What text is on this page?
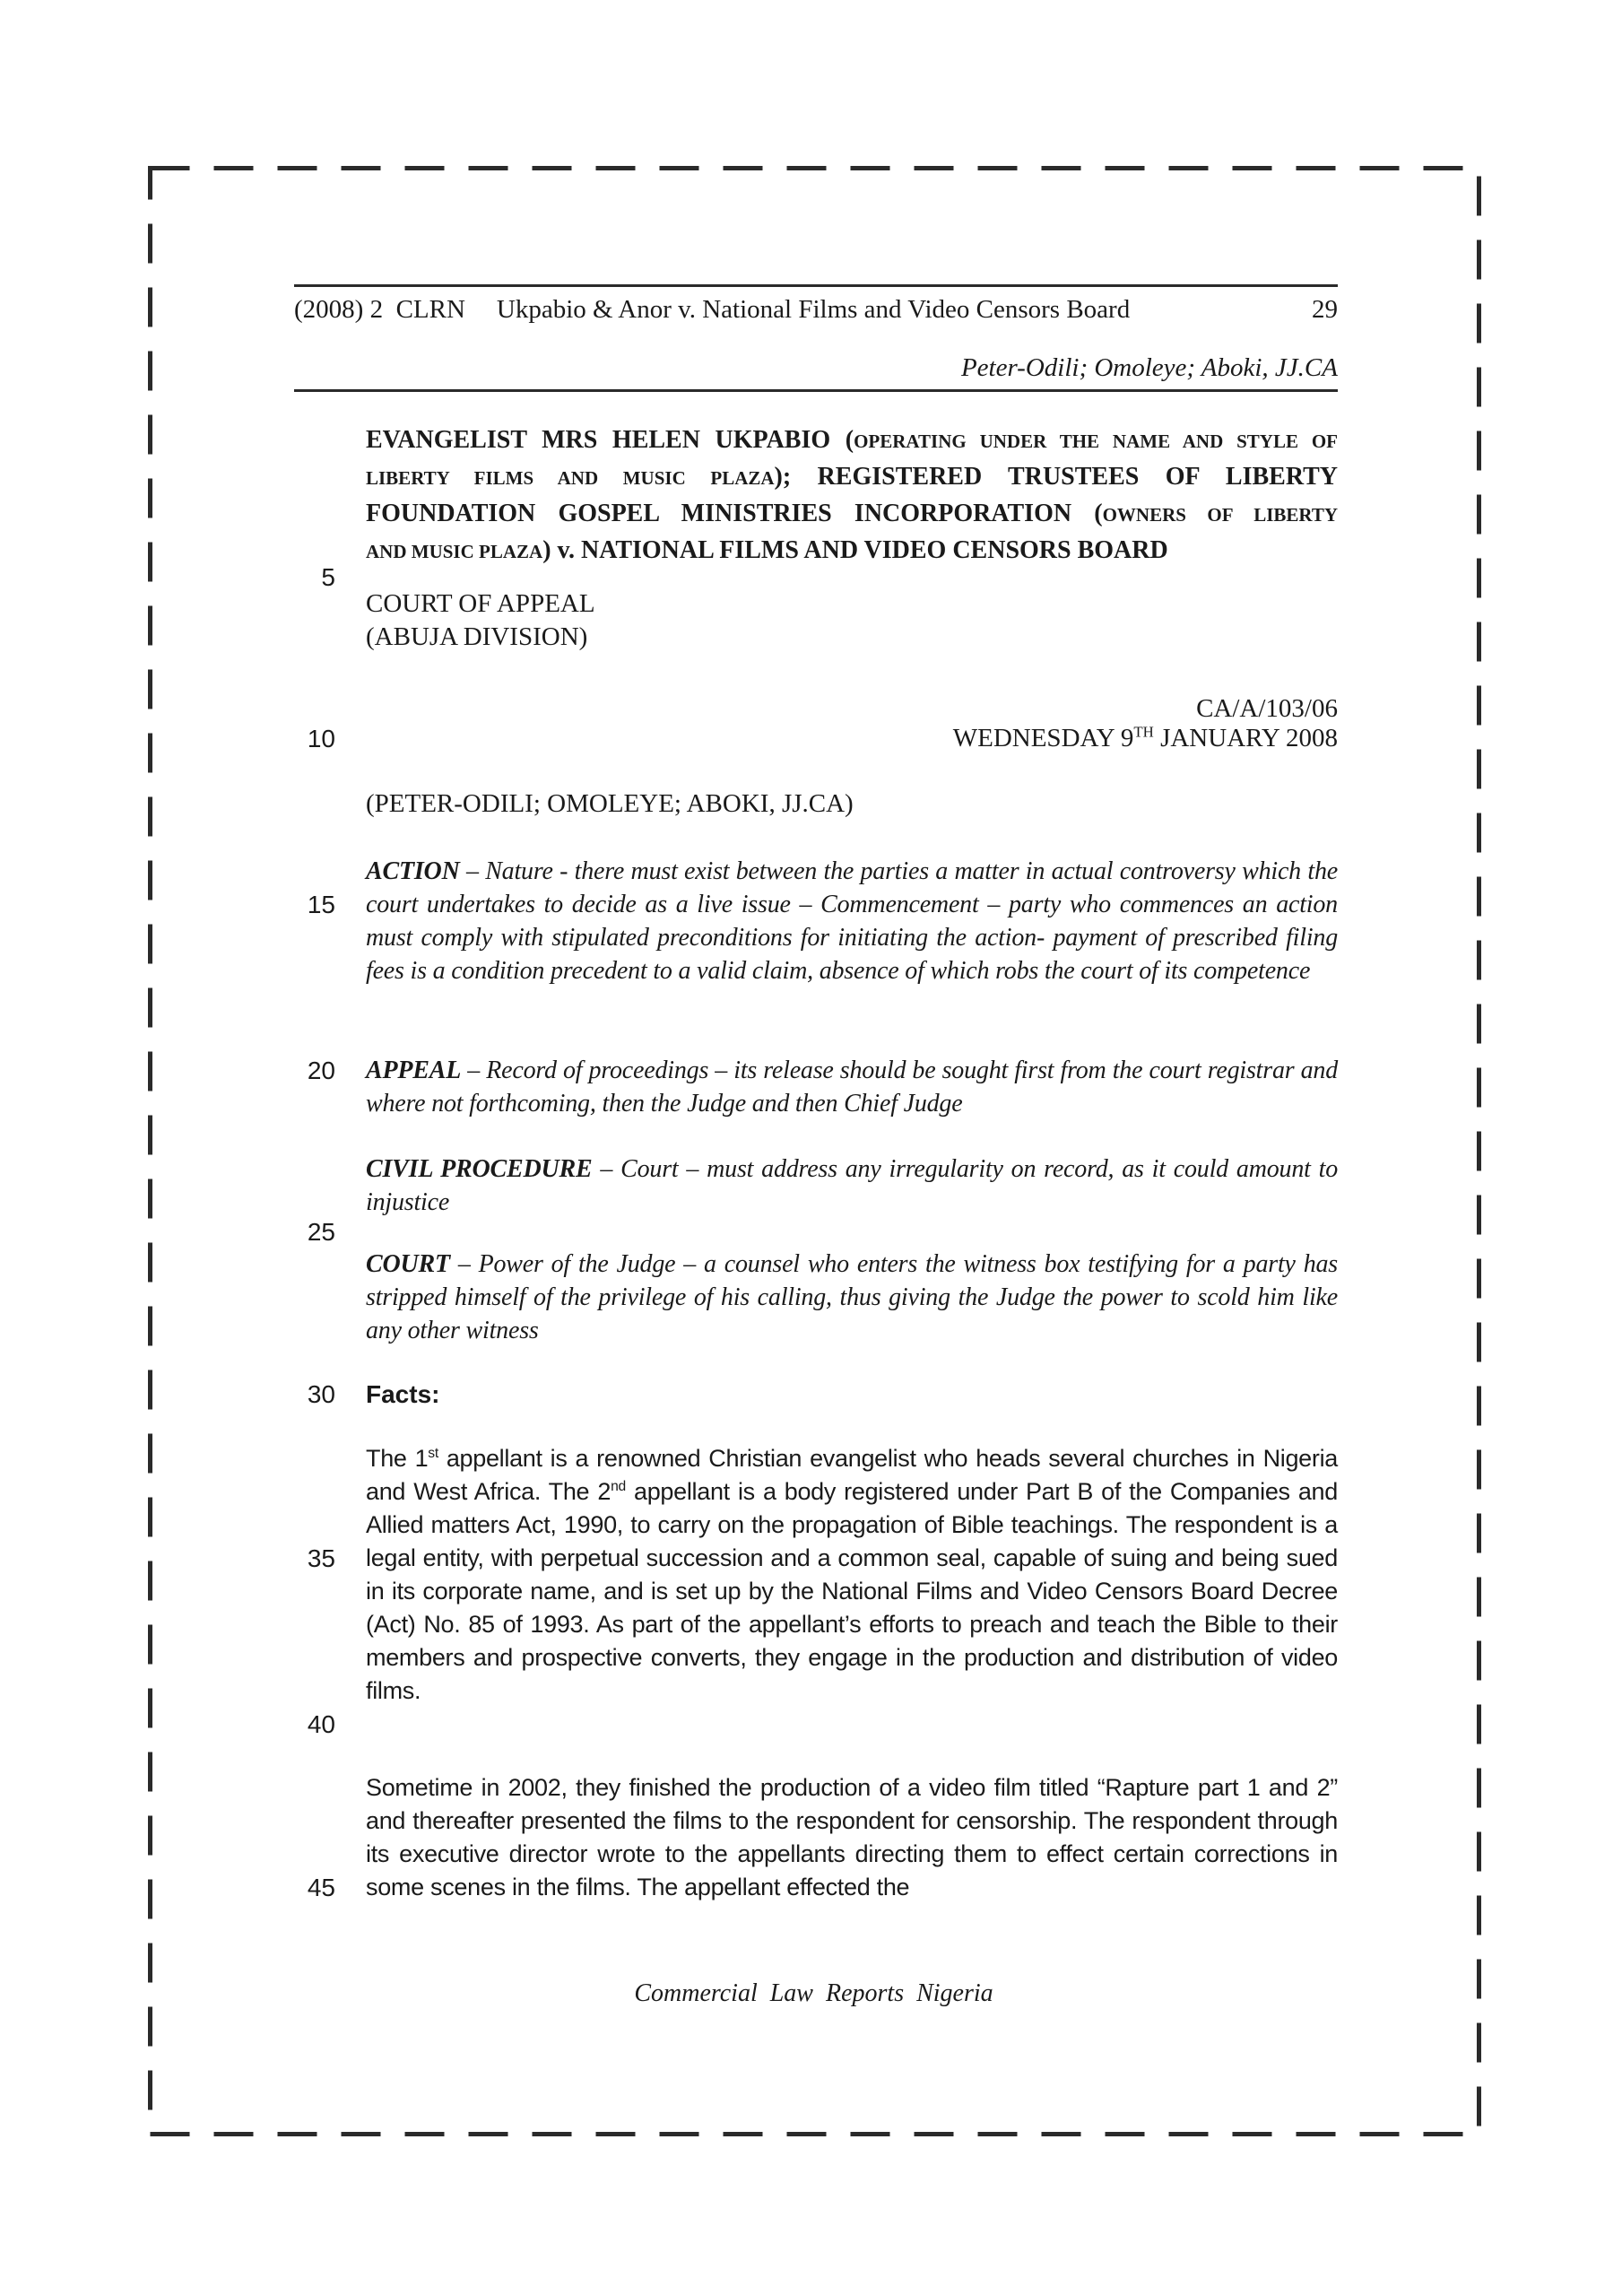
(2008) 2  CLRN Ukpabio & Anor v. National Films and Video Censors Board	29
Peter-Odili; Omoleye; Aboki, JJ.CA
EVANGELIST MRS HELEN UKPABIO (OPERATING UNDER THE NAME AND STYLE OF
LIBERTY FILMS AND MUSIC PLAZA); REGISTERED TRUSTEES OF LIBERTY
FOUNDATION GOSPEL MINISTRIES INCORPORATION (OWNERS OF LIBERTY
AND MUSIC PLAZA) v. NATIONAL FILMS AND VIDEO CENSORS BOARD
5
10
15
20
25
30
35
40
45
COURT OF APPEAL
(ABUJA DIVISION)
CA/A/103/06
WEDNESDAY 9TH JANUARY 2008
(PETER-ODILI; OMOLEYE; ABOKI, JJ.CA)

ACTION – Nature - there must exist between the parties a matter in actual controversy which the court undertakes to decide as a live issue – Commencement – party who commences an action must comply with stipulated preconditions for initiating the action- payment of prescribed filing fees is a condition precedent to a valid claim, absence of which robs the court of its competence

APPEAL – Record of proceedings – its release should be sought first from the court registrar and where not forthcoming, then the Judge and then Chief Judge

CIVIL PROCEDURE – Court – must address any irregularity on record, as it could amount to injustice

COURT – Power of the Judge – a counsel who enters the witness box testifying for a party has stripped himself of the privilege of his calling, thus giving the Judge the power to scold him like any other witness

Facts:

The 1st appellant is a renowned Christian evangelist who heads several churches in Nigeria and West Africa. The 2nd appellant is a body registered under Part B of the Companies and Allied matters Act, 1990, to carry on the propagation of Bible teachings. The respondent is a legal entity, with perpetual succession and a common seal, capable of suing and being sued in its corporate name, and is set up by the National Films and Video Censors Board Decree (Act) No. 85 of 1993. As part of the appellant’s efforts to preach and teach the Bible to their members and prospective converts, they engage in the production and distribution of video films.

Sometime in 2002, they finished the production of a video film titled “Rapture part 1 and 2” and thereafter presented the films to the respondent for censorship. The respondent through its executive director wrote to the appellants directing them to effect certain corrections in some scenes in the films. The appellant effected the

Commercial Law Reports Nigeria
